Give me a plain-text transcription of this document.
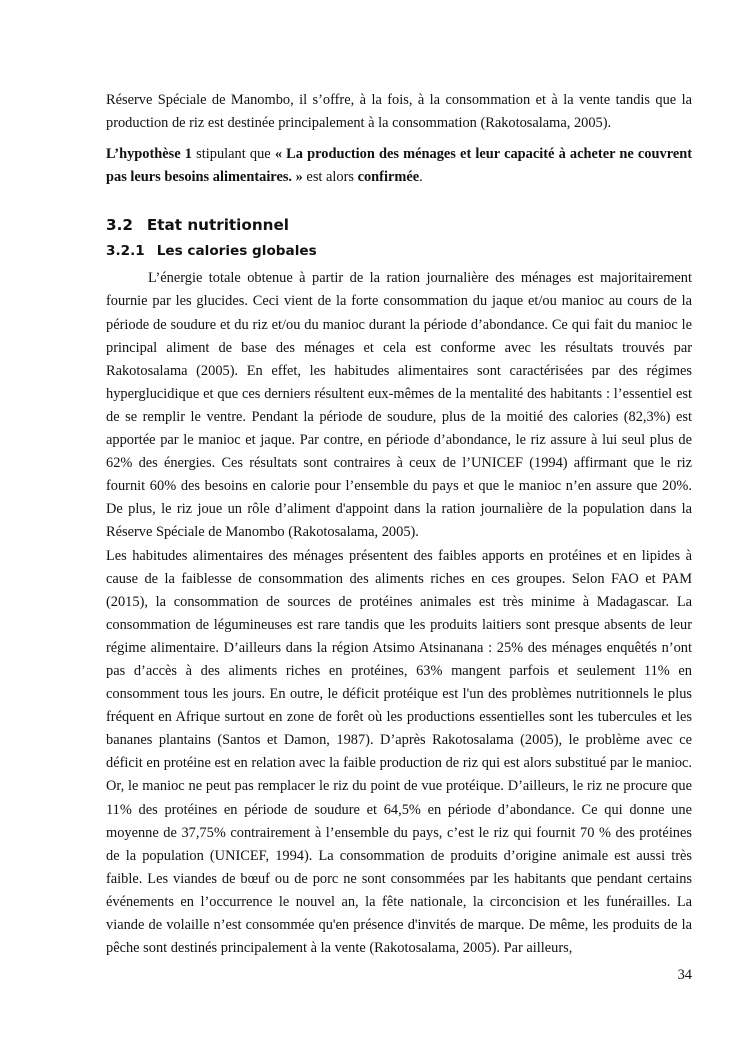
Réserve Spéciale de Manombo, il s’offre, à la fois, à la consommation et à la vente tandis que la production de riz est destinée principalement à la consommation (Rakotosalama, 2005).

L’hypothèse 1 stipulant que « La production des ménages et leur capacité à acheter ne couvrent pas leurs besoins alimentaires. » est alors confirmée.

3.2 Etat nutritionnel
3.2.1 Les calories globales

L’énergie totale obtenue à partir de la ration journalière des ménages est majoritairement fournie par les glucides. Ceci vient de la forte consommation du jaque et/ou manioc au cours de la période de soudure et du riz et/ou du manioc durant la période d’abondance. Ce qui fait du manioc le principal aliment de base des ménages et cela est conforme avec les résultats trouvés par Rakotosalama (2005). En effet, les habitudes alimentaires sont caractérisées par des régimes hyperglucidique et que ces derniers résultent eux-mêmes de la mentalité des habitants : l’essentiel est de se remplir le ventre. Pendant la période de soudure, plus de la moitié des calories (82,3%) est apportée par le manioc et jaque. Par contre, en période d’abondance, le riz assure à lui seul plus de 62% des énergies. Ces résultats sont contraires à ceux de l’UNICEF (1994) affirmant que le riz fournit 60% des besoins en calorie pour l’ensemble du pays et que le manioc n’en assure que 20%. De plus, le riz joue un rôle d’aliment d'appoint dans la ration journalière de la population dans la Réserve Spéciale de Manombo (Rakotosalama, 2005).

Les habitudes alimentaires des ménages présentent des faibles apports en protéines et en lipides à cause de la faiblesse de consommation des aliments riches en ces groupes. Selon FAO et PAM (2015), la consommation de sources de protéines animales est très minime à Madagascar. La consommation de légumineuses est rare tandis que les produits laitiers sont presque absents de leur régime alimentaire. D’ailleurs dans la région Atsimo Atsinanana : 25% des ménages enquêtés n’ont pas d’accès à des aliments riches en protéines, 63% mangent parfois et seulement 11% en consomment tous les jours. En outre, le déficit protéique est l'un des problèmes nutritionnels le plus fréquent en Afrique surtout en zone de forêt où les productions essentielles sont les tubercules et les bananes plantains (Santos et Damon, 1987). D’après Rakotosalama (2005), le problème avec ce déficit en protéine est en relation avec la faible production de riz qui est alors substitué par le manioc. Or, le manioc ne peut pas remplacer le riz du point de vue protéique. D’ailleurs, le riz ne procure que 11% des protéines en période de soudure et 64,5% en période d’abondance. Ce qui donne une moyenne de 37,75% contrairement à l’ensemble du pays, c’est le riz qui fournit 70 % des protéines de la population (UNICEF, 1994). La consommation de produits d’origine animale est aussi très faible. Les viandes de bœuf ou de porc ne sont consommées par les habitants que pendant certains événements en l’occurrence le nouvel an, la fête nationale, la circoncision et les funérailles. La viande de volaille n’est consommée qu'en présence d'invités de marque. De même, les produits de la pêche sont destinés principalement à la vente (Rakotosalama, 2005). Par ailleurs,

34
